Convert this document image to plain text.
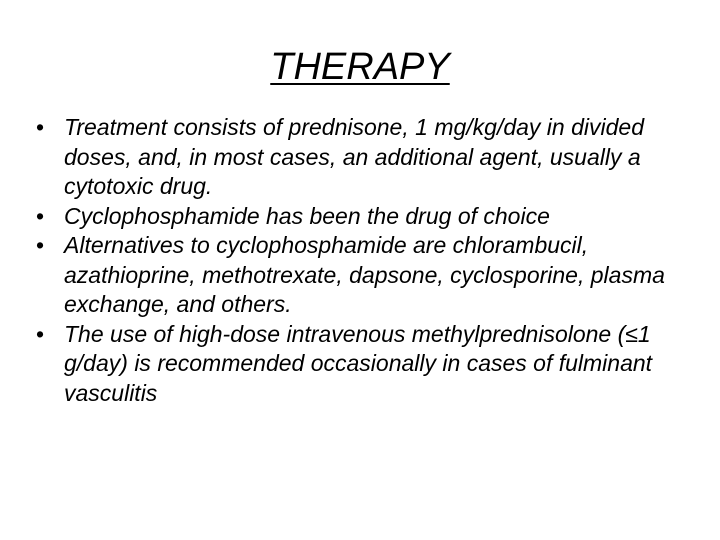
THERAPY
• Treatment consists of prednisone, 1 mg/kg/day in divided doses, and, in most cases, an additional agent, usually a cytotoxic drug.
• Cyclophosphamide has been the drug of choice
• Alternatives to cyclophosphamide are chlorambucil, azathioprine, methotrexate, dapsone, cyclosporine, plasma exchange, and others.
• The use of high-dose intravenous methylprednisolone (≤1 g/day) is recommended occasionally in cases of fulminant vasculitis
